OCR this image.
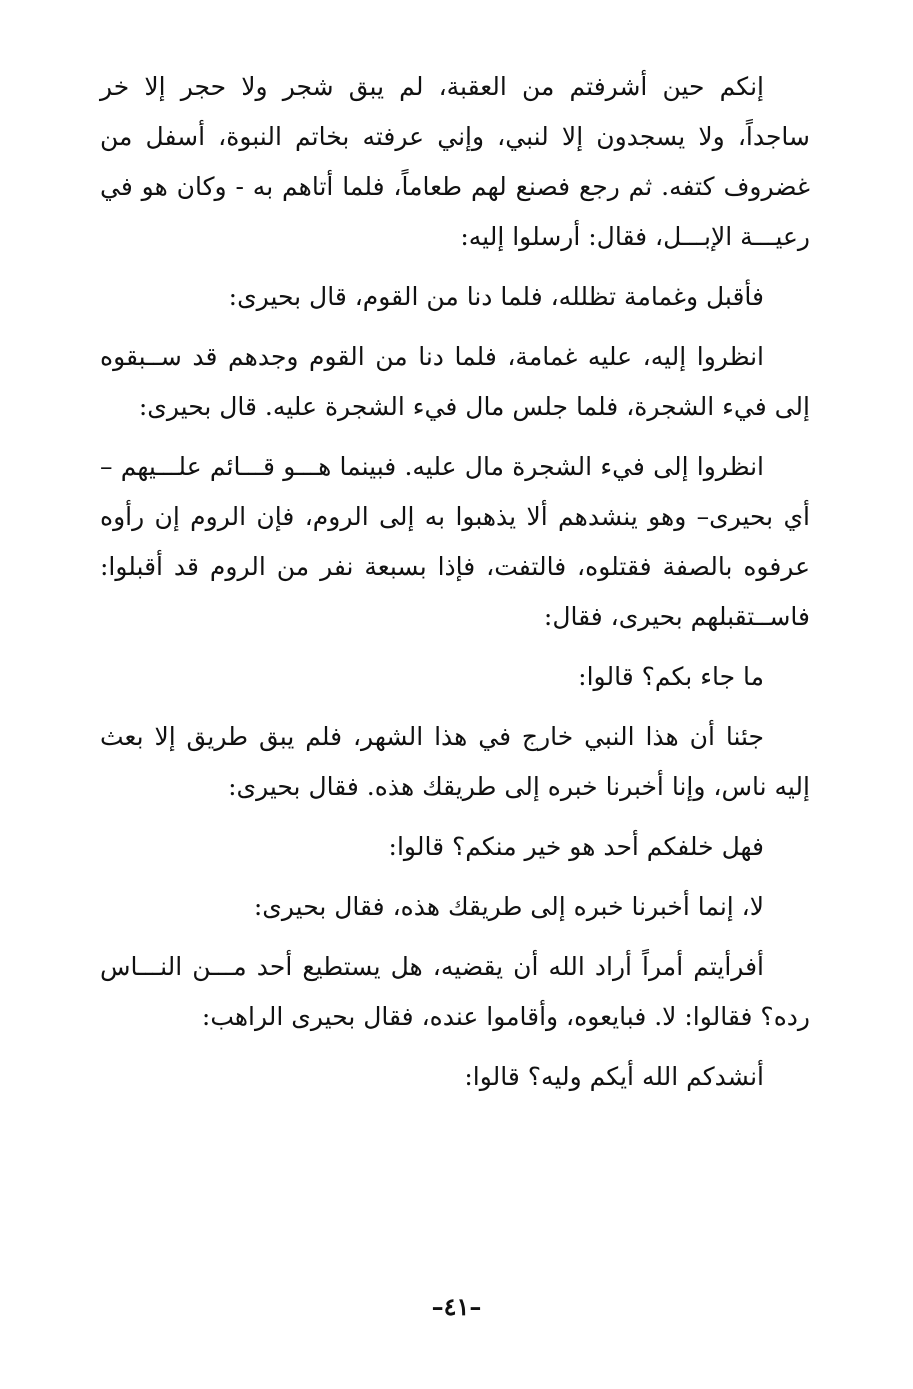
إنكم حين أشرفتم من العقبة، لم يبق شجر ولا حجر إلا خر ساجداً، ولا يسجدون إلا لنبي، وإني عرفته بخاتم النبوة، أسفل من غضروف كتفه. ثم رجع فصنع لهم طعاماً، فلما أتاهم به - وكان هو في رعيـــة الإبـــل، فقال: أرسلوا إليه:

فأقبل وغمامة تظلله، فلما دنا من القوم، قال بحيرى:

انظروا إليه، عليه غمامة، فلما دنا من القوم وجدهم قد ســبقوه إلى فيء الشجرة، فلما جلس مال فيء الشجرة عليه. قال بحيرى:

انظروا إلى فيء الشجرة مال عليه. فبينما هـــو قـــائم علـــيهم –أي بحيرى– وهو ينشدهم ألا يذهبوا به إلى الروم، فإن الروم إن رأوه عرفوه بالصفة فقتلوه، فالتفت، فإذا بسبعة نفر من الروم قد أقبلوا: فاســتقبلهم بحيرى، فقال:

ما جاء بكم؟ قالوا:

جئنا أن هذا النبي خارج في هذا الشهر، فلم يبق طريق إلا بعث إليه ناس، وإنا أخبرنا خبره إلى طريقك هذه. فقال بحيرى:

فهل خلفكم أحد هو خير منكم؟ قالوا:

لا، إنما أخبرنا خبره إلى طريقك هذه، فقال بحيرى:

أفرأيتم أمراً أراد الله أن يقضيه، هل يستطيع أحد مـــن النـــاس رده؟ فقالوا: لا. فبايعوه، وأقاموا عنده، فقال بحيرى الراهب:

أنشدكم الله أيكم وليه؟ قالوا:

–٤١–
